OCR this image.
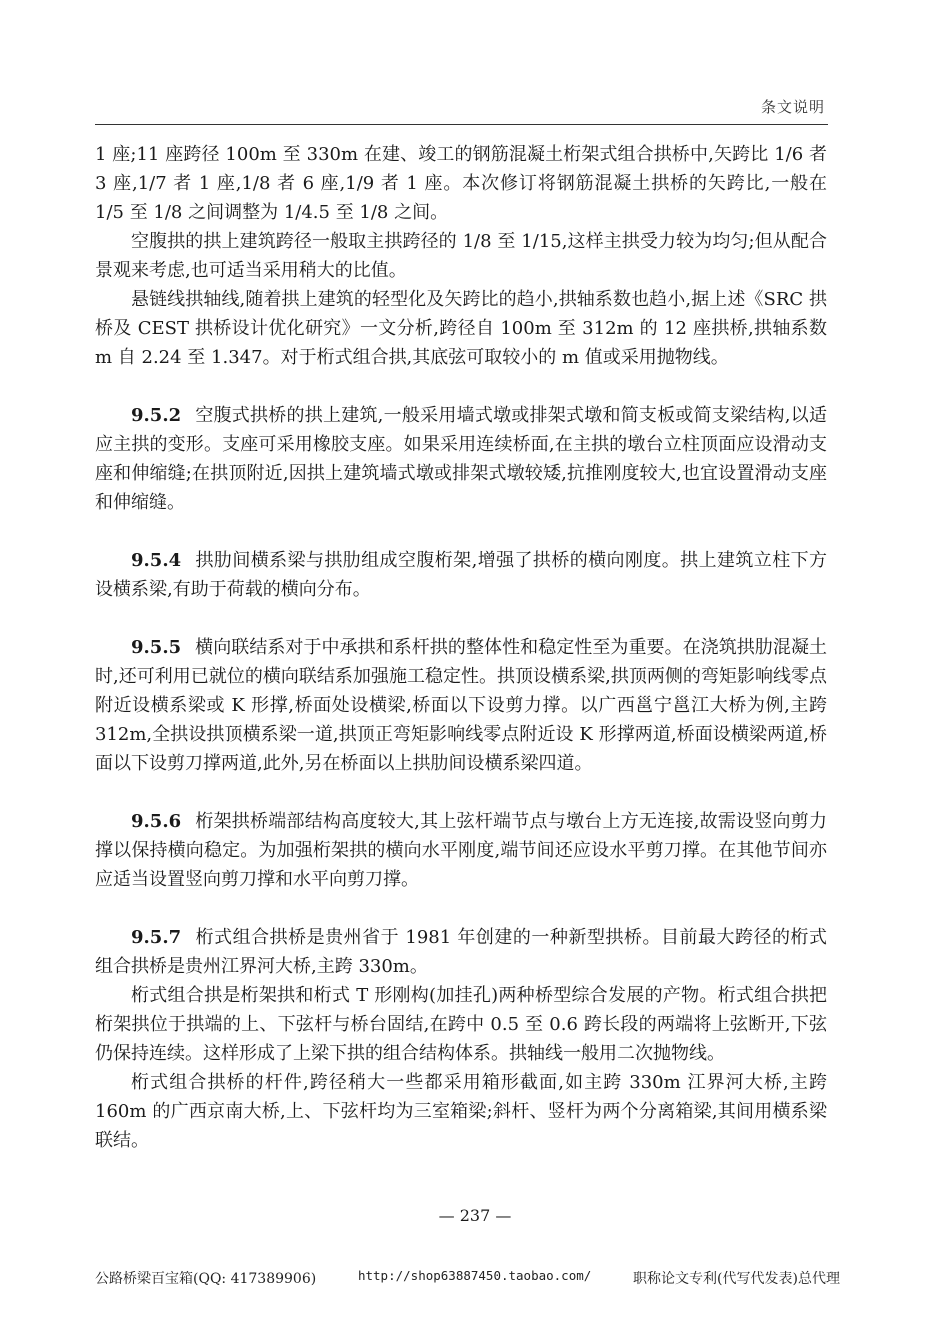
条文说明

1 座;11 座跨径 100m 至 330m 在建、竣工的钢筋混凝土桁架式组合拱桥中,矢跨比 1/6 者 3 座,1/7 者 1 座,1/8 者 6 座,1/9 者 1 座。本次修订将钢筋混凝土拱桥的矢跨比,一般在 1/5 至 1/8 之间调整为 1/4.5 至 1/8 之间。

空腹拱的拱上建筑跨径一般取主拱跨径的 1/8 至 1/15,这样主拱受力较为均匀;但从配合景观来考虑,也可适当采用稍大的比值。

悬链线拱轴线,随着拱上建筑的轻型化及矢跨比的趋小,拱轴系数也趋小,据上述《SRC 拱桥及 CEST 拱桥设计优化研究》一文分析,跨径自 100m 至 312m 的 12 座拱桥,拱轴系数 m 自 2.24 至 1.347。对于桁式组合拱,其底弦可取较小的 m 值或采用抛物线。

9.5.2 空腹式拱桥的拱上建筑,一般采用墙式墩或排架式墩和简支板或简支梁结构,以适应主拱的变形。支座可采用橡胶支座。如果采用连续桥面,在主拱的墩台立柱顶面应设滑动支座和伸缩缝;在拱顶附近,因拱上建筑墙式墩或排架式墩较矮,抗推刚度较大,也宜设置滑动支座和伸缩缝。

9.5.4 拱肋间横系梁与拱肋组成空腹桁架,增强了拱桥的横向刚度。拱上建筑立柱下方设横系梁,有助于荷载的横向分布。

9.5.5 横向联结系对于中承拱和系杆拱的整体性和稳定性至为重要。在浇筑拱肋混凝土时,还可利用已就位的横向联结系加强施工稳定性。拱顶设横系梁,拱顶两侧的弯矩影响线零点附近设横系梁或 K 形撑,桥面处设横梁,桥面以下设剪力撑。以广西邕宁邕江大桥为例,主跨 312m,全拱设拱顶横系梁一道,拱顶正弯矩影响线零点附近设 K 形撑两道,桥面设横梁两道,桥面以下设剪刀撑两道,此外,另在桥面以上拱肋间设横系梁四道。

9.5.6 桁架拱桥端部结构高度较大,其上弦杆端节点与墩台上方无连接,故需设竖向剪力撑以保持横向稳定。为加强桁架拱的横向水平刚度,端节间还应设水平剪刀撑。在其他节间亦应适当设置竖向剪刀撑和水平向剪刀撑。

9.5.7 桁式组合拱桥是贵州省于 1981 年创建的一种新型拱桥。目前最大跨径的桁式组合拱桥是贵州江界河大桥,主跨 330m。

桁式组合拱是桁架拱和桁式 T 形刚构(加挂孔)两种桥型综合发展的产物。桁式组合拱把桁架拱位于拱端的上、下弦杆与桥台固结,在跨中 0.5 至 0.6 跨长段的两端将上弦断开,下弦仍保持连续。这样形成了上梁下拱的组合结构体系。拱轴线一般用二次抛物线。

桁式组合拱桥的杆件,跨径稍大一些都采用箱形截面,如主跨 330m 江界河大桥,主跨 160m 的广西京南大桥,上、下弦杆均为三室箱梁;斜杆、竖杆为两个分离箱梁,其间用横系梁联结。

— 237 —
公路桥梁百宝箱(QQ: 417389906)	http://shop63887450.taobao.com/	职称论文专利(代写代发表)总代理
